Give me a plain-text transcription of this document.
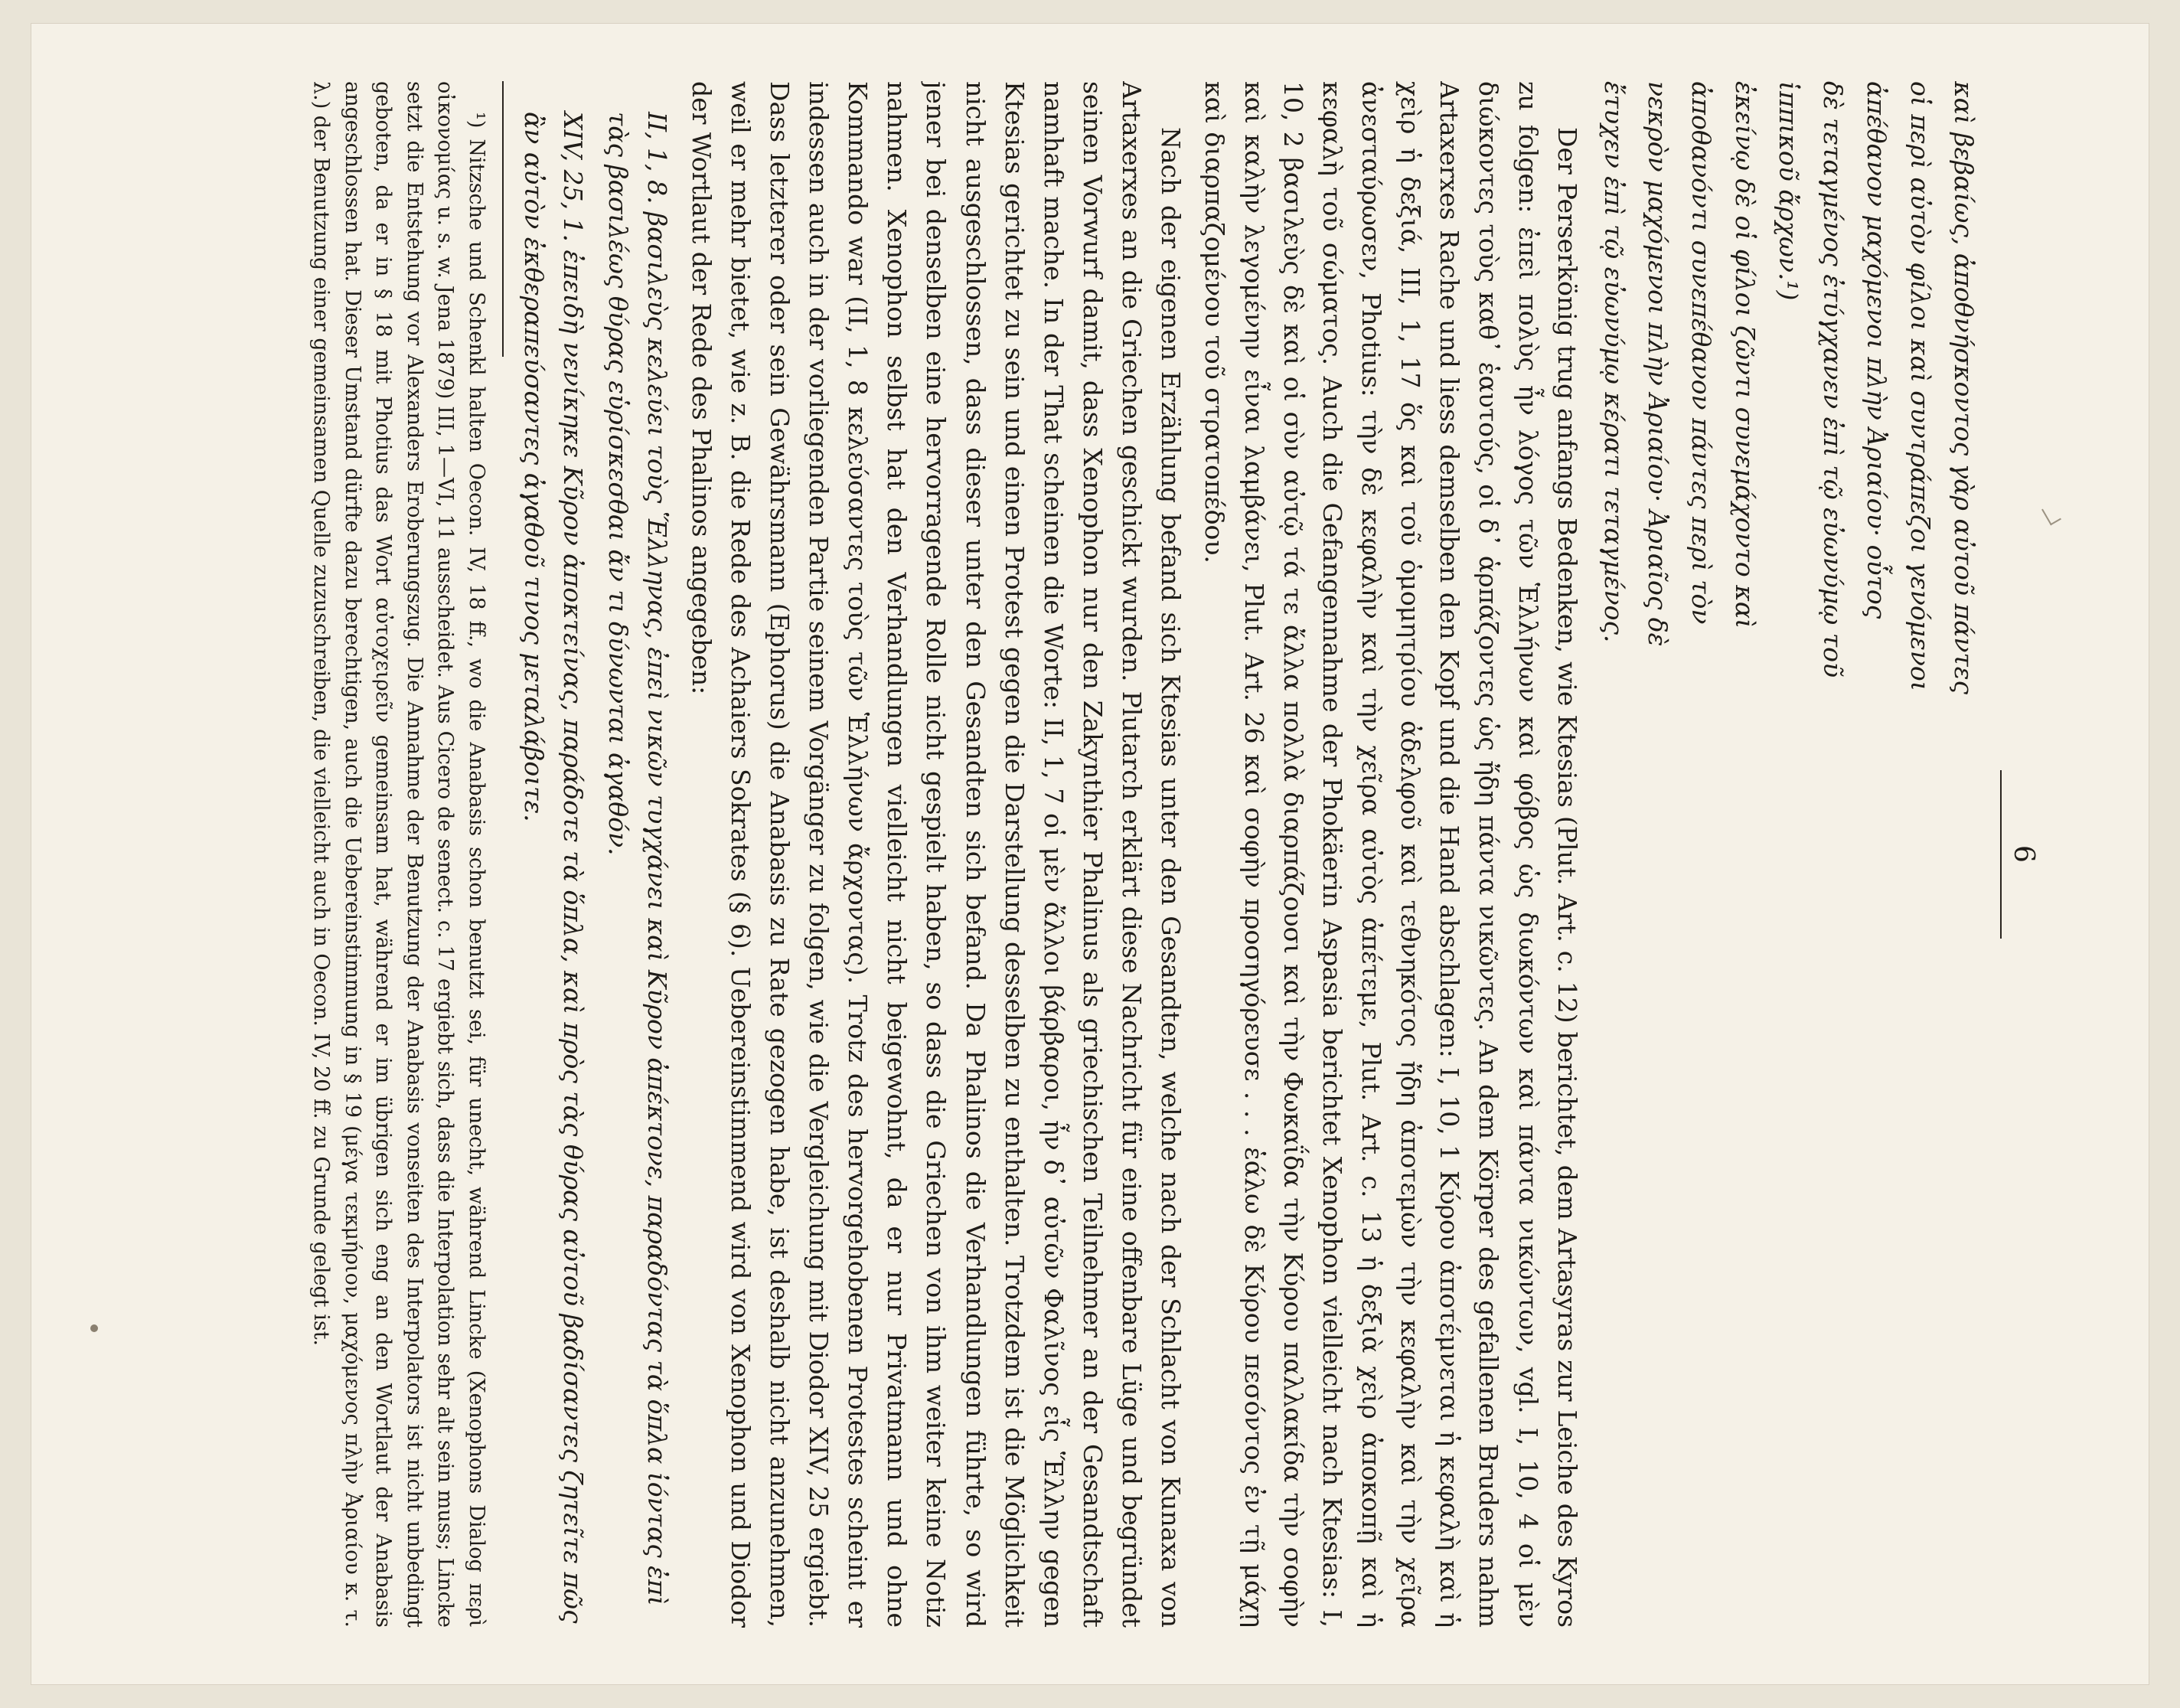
6

καὶ βεβαίως, ἀποθνήσκοντος γὰρ αὐτοῦ πάντες

οἱ περὶ αὐτὸν φίλοι καὶ συντράπεζοι γενόμενοι

ἀπέθανον μαχόμενοι πλὴν Ἀριαίου· οὗτος

δὲ τεταγμένος ἐτύγχανεν ἐπὶ τῷ εὐωνύμῳ τοῦ

ἱππικοῦ ἄρχων.¹)

ἐκείνῳ δὲ οἱ φίλοι ζῶντι συνεμάχοντο καὶ

ἀποθανόντι συνεπέθανον πάντες περὶ τὸν

νεκρὸν μαχόμενοι πλὴν Ἀριαίου· Ἀριαῖος δὲ

ἔτυχεν ἐπὶ τῷ εὐωνύμῳ κέρατι τεταγμένος.

Der Perserkönig trug anfangs Bedenken, wie Ktesias (Plut. Art. c. 12) berichtet, dem Artasyras zur Leiche des Kyros zu folgen: ἐπεὶ πολὺς ἦν λόγος τῶν Ἑλλήνων καὶ φόβος ὡς διωκόντων καὶ πάντα νικώντων, vgl. I, 10, 4 οἱ μὲν διώκοντες τοὺς καθ᾽ ἑαυτούς, οἱ δ᾽ ἁρπάζοντες ὡς ἤδη πάντα νικῶντες. An dem Körper des gefallenen Bruders nahm Artaxerxes Rache und liess demselben den Kopf und die Hand abschlagen: I, 10, 1 Κύρου ἀποτέμνεται ἡ κεφαλὴ καὶ ἡ χεὶρ ἡ δεξιά, III, 1, 17 ὅς καὶ τοῦ ὁμομητρίου ἀδελφοῦ καὶ τεθνηκότος ἤδη ἀποτεμὼν τὴν κεφαλὴν καὶ τὴν χεῖρα ἀνεσταύρωσεν, Photius: τὴν δὲ κεφαλὴν καὶ τὴν χεῖρα αὐτὸς ἀπέτεμε, Plut. Art. c. 13 ἡ δεξιὰ χεὶρ ἀποκοπῇ καὶ ἡ κεφαλὴ τοῦ σώματος. Auch die Gefangennahme der Phokäerin Aspasia berichtet Xenophon vielleicht nach Ktesias: I, 10, 2 βασιλεὺς δὲ καὶ οἱ σὺν αὐτῷ τά τε ἄλλα πολλὰ διαρπάζουσι καὶ τὴν Φωκαΐδα τὴν Κύρου παλλακίδα τὴν σοφὴν καὶ καλὴν λεγομένην εἶναι λαμβάνει, Plut. Art. 26 καὶ σοφὴν προσηγόρευσε . . . ἑάλω δὲ Κύρου πεσόντος ἐν τῇ μάχῃ καὶ διαρπαζομένου τοῦ στρατοπέδου.

Nach der eigenen Erzählung befand sich Ktesias unter den Gesandten, welche nach der Schlacht von Kunaxa von Artaxerxes an die Griechen geschickt wurden. Plutarch erklärt diese Nachricht für eine offenbare Lüge und begründet seinen Vorwurf damit, dass Xenophon nur den Zakynthier Phalinus als griechischen Teilnehmer an der Gesandtschaft namhaft mache. In der That scheinen die Worte: II, 1, 7 οἱ μὲν ἄλλοι βάρβαροι, ἦν δ᾽ αὐτῶν Φαλῖνος εἷς Ἕλλην gegen Ktesias gerichtet zu sein und einen Protest gegen die Darstellung desselben zu enthalten. Trotzdem ist die Möglichkeit nicht ausgeschlossen, dass dieser unter den Gesandten sich befand. Da Phalinos die Verhandlungen führte, so wird jener bei denselben eine hervorragende Rolle nicht gespielt haben, so dass die Griechen von ihm weiter keine Notiz nahmen. Xenophon selbst hat den Verhandlungen vielleicht nicht beigewohnt, da er nur Privatmann und ohne Kommando war (II, 1, 8 κελεύσαντες τοὺς τῶν Ἑλλήνων ἄρχοντας). Trotz des hervorgehobenen Protestes scheint er indessen auch in der vorliegenden Partie seinem Vorgänger zu folgen, wie die Vergleichung mit Diodor XIV, 25 ergiebt. Dass letzterer oder sein Gewährsmann (Ephorus) die Anabasis zu Rate gezogen habe, ist deshalb nicht anzunehmen, weil er mehr bietet, wie z. B. die Rede des Achaiers Sokrates (§ 6). Uebereinstimmend wird von Xenophon und Diodor der Wortlaut der Rede des Phalinos angegeben:

II, 1, 8. βασιλεὺς κελεύει τοὺς Ἕλληνας, ἐπεὶ νικῶν τυγχάνει καὶ Κῦρον ἀπέκτονε, παραδόντας τὰ ὅπλα ἰόντας ἐπὶ τὰς βασιλέως θύρας εὑρίσκεσθαι ἄν τι δύνωνται ἀγαθόν.
XIV, 25, 1. ἐπειδὴ νενίκηκε Κῦρον ἀποκτείνας, παράδοτε τὰ ὅπλα, καὶ πρὸς τὰς θύρας αὐτοῦ βαδίσαντες ζητεῖτε πῶς ἂν αὐτὸν ἐκθεραπεύσαντες ἀγαθοῦ τινος μεταλάβοιτε.

¹) Nitzsche und Schenkl halten Oecon. IV, 18 ff., wo die Anabasis schon benutzt sei, für unecht, während Lincke (Xenophons Dialog περὶ οἰκονομίας u. s. w. Jena 1879) III, 1—VI, 11 ausscheidet. Aus Cicero de senect. c. 17 ergiebt sich, dass die Interpolation sehr alt sein muss; Lincke setzt die Entstehung vor Alexanders Eroberungszug. Die Annahme der Benutzung der Anabasis vonseiten des Interpolators ist nicht unbedingt geboten, da er in § 18 mit Photius das Wort αὐτοχειρεῖν gemeinsam hat, während er im übrigen sich eng an den Wortlaut der Anabasis angeschlossen hat. Dieser Umstand dürfte dazu berechtigen, auch die Uebereinstimmung in § 19 (μέγα τεκμήριον, μαχόμενος πλὴν Ἀριαίου κ. τ. λ.) der Benutzung einer gemeinsamen Quelle zuzuschreiben, die vielleicht auch in Oecon. IV, 20 ff. zu Grunde gelegt ist.
